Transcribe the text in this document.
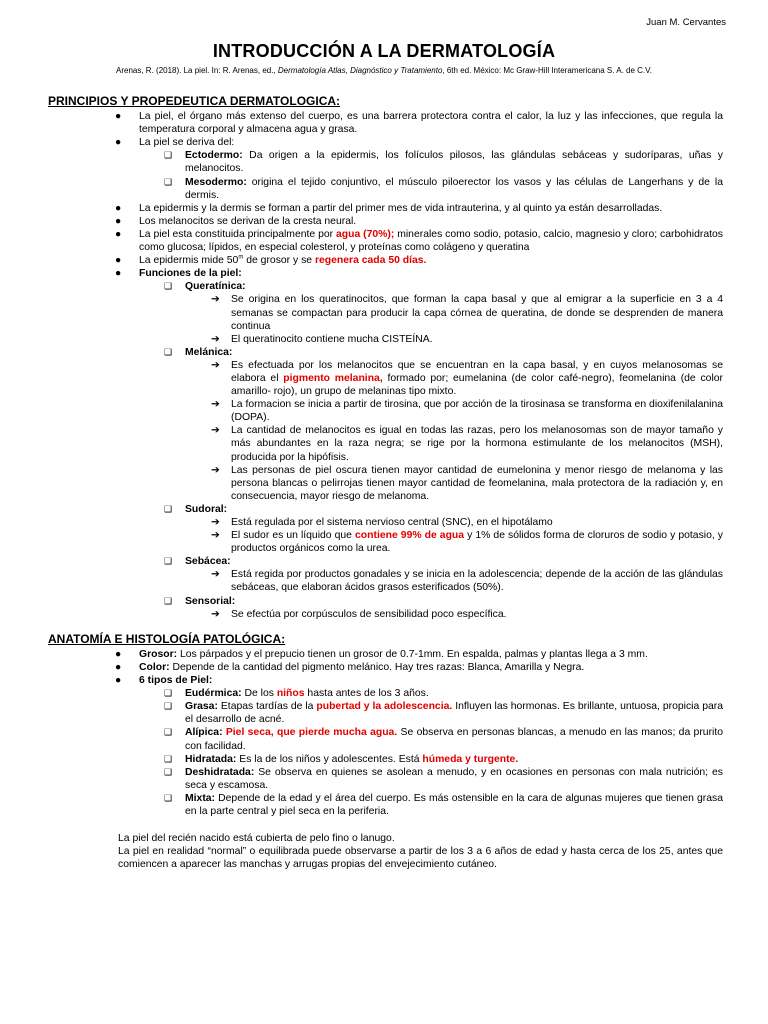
Juan M. Cervantes
INTRODUCCIÓN A LA DERMATOLOGÍA
Arenas, R. (2018). La piel. In: R. Arenas, ed., Dermatología Atlas, Diagnóstico y Tratamiento, 6th ed. México: Mc Graw-Hill Interamericana S. A. de C.V.
PRINCIPIOS Y PROPEDEUTICA DERMATOLOGICA:
● La piel, el órgano más extenso del cuerpo, es una barrera protectora contra el calor, la luz y las infecciones, que regula la temperatura corporal y almacena agua y grasa.
● La piel se deriva del:
❑ Ectodermo: Da origen a la epidermis, los folículos pilosos, las glándulas sebáceas y sudoríparas, uñas y melanocitos.
❑ Mesodermo: origina el tejido conjuntivo, el músculo piloerector los vasos y las células de Langerhans y de la dermis.
● La epidermis y la dermis se forman a partir del primer mes de vida intrauterina, y al quinto ya están desarrolladas.
● Los melanocitos se derivan de la cresta neural.
● La piel esta constituida principalmente por agua (70%); minerales como sodio, potasio, calcio, magnesio y cloro; carbohidratos como glucosa; lípidos, en especial colesterol, y proteínas como colágeno y queratina
● La epidermis mide 50$^m$ de grosor y se regenera cada 50 días.
● Funciones de la piel:
❑ Queratínica:
➔ Se origina en los queratinocitos, que forman la capa basal y que al emigrar a la superficie en 3 a 4 semanas se compactan para producir la capa córnea de queratina, de donde se desprenden de manera continua
➔ El queratinocito contiene mucha CISTEÍNA.
❑ Melánica:
➔ Es efectuada por los melanocitos que se encuentran en la capa basal, y en cuyos melanosomas se elabora el pigmento melanina, formado por; eumelanina (de color café-negro), feomelanina (de color amarillo- rojo), un grupo de melaninas tipo mixto.
➔ La formacion se inicia a partir de tirosina, que por acción de la tirosinasa se transforma en dioxifenilalanina (DOPA).
➔ La cantidad de melanocitos es igual en todas las razas, pero los melanosomas son de mayor tamaño y más abundantes en la raza negra; se rige por la hormona estimulante de los melanocitos (MSH), producida por la hipófisis.
➔ Las personas de piel oscura tienen mayor cantidad de eumelonina y menor riesgo de melanoma y las persona blancas o pelirrojas tienen mayor cantidad de feomelanina, mala protectora de la radiación y, en consecuencia, mayor riesgo de melanoma.
❑ Sudoral:
➔ Está regulada por el sistema nervioso central (SNC), en el hipotálamo
➔ El sudor es un líquido que contiene 99% de agua y 1% de sólidos forma de cloruros de sodio y potasio, y productos orgánicos como la urea.
❑ Sebácea:
➔ Está regida por productos gonadales y se inicia en la adolescencia; depende de la acción de las glándulas sebáceas, que elaboran ácidos grasos esterificados (50%).
❑ Sensorial:
➔ Se efectúa por corpúsculos de sensibilidad poco específica.
ANATOMÍA E HISTOLOGÍA PATOLÓGICA:
● Grosor: Los párpados y el prepucio tienen un grosor de 0.7-1mm. En espalda, palmas y plantas llega a 3 mm.
● Color: Depende de la cantidad del pigmento melánico. Hay tres razas: Blanca, Amarilla y Negra.
● 6 tipos de Piel:
❑ Eudérmica: De los niños hasta antes de los 3 años.
❑ Grasa: Etapas tardías de la pubertad y la adolescencia. Influyen las hormonas. Es brillante, untuosa, propicia para el desarrollo de acné.
❑ Alípica: Piel seca, que pierde mucha agua. Se observa en personas blancas, a menudo en las manos; da prurito con facilidad.
❑ Hidratada: Es la de los niños y adolescentes. Está húmeda y turgente.
❑ Deshidratada: Se observa en quienes se asolean a menudo, y en ocasiones en personas con mala nutrición; es seca y escamosa.
❑ Mixta: Depende de la edad y el área del cuerpo. Es más ostensible en la cara de algunas mujeres que tienen grasa en la parte central y piel seca en la periferia.
La piel del recién nacido está cubierta de pelo fino o lanugo.
La piel en realidad “normal” o equilibrada puede observarse a partir de los 3 a 6 años de edad y hasta cerca de los 25, antes que comiencen a aparecer las manchas y arrugas propias del envejecimiento cutáneo.
